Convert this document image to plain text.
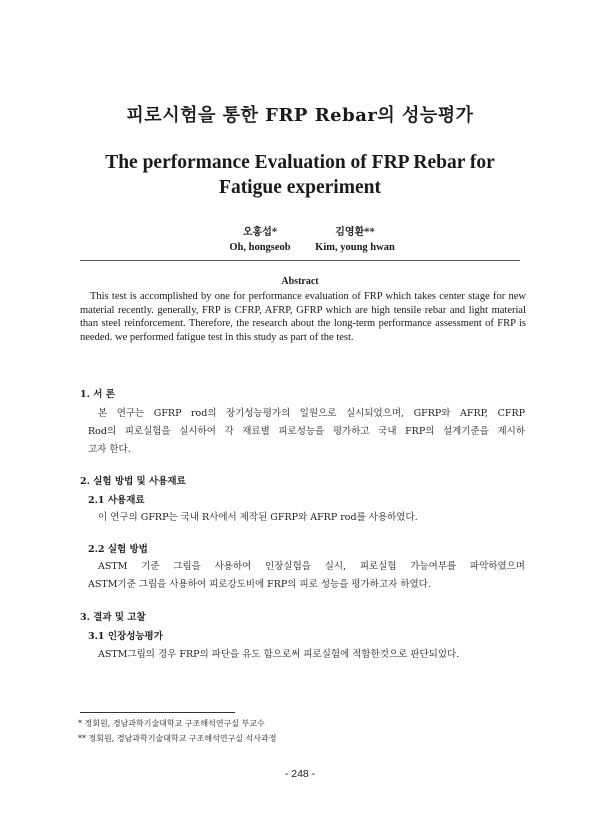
피로시험을 통한 FRP Rebar의 성능평가
The performance Evaluation of FRP Rebar for
Fatigue experiment
오홍섭*
Oh, hongseob
김영환**
Kim, young hwan
Abstract
This test is accomplished by one for performance evaluation of FRP which takes center stage for new material recently. generally, FRP is CFRP, AFRP, GFRP which are high tensile rebar and light material than steel reinforcement. Therefore, the research about the long-term performance assessment of FRP is needed. we performed fatigue test in this study as part of the test.
1. 서 론
본 연구는 GFRP rod의 장기성능평가의 일원으로 실시되었으며, GFRP와 AFRP, CFRP
Rod의 피로실험을 실시하여 각 재료별 피로성능을 평가하고 국내 FRP의 설계기준을 제시하
고자 한다.
2. 실험 방법 및 사용재료
2.1 사용재료
이 연구의 GFRP는 국내 R사에서 제작된 GFRP와 AFRP rod를 사용하였다.
2.2 실험 방법
ASTM 기준 그립을 사용하여 인장실험을 실시, 피로실험 가능여부를 파악하였으며
ASTM기준 그립을 사용하여 피로강도비에 FRP의 피로 성능을 평가하고자 하였다.
3. 결과 및 고찰
3.1 인장성능평가
ASTM그립의 경우 FRP의 파단을 유도 함으로써 피로실험에 적합한것으로 판단되었다.
* 정회원, 경남과학기술대학교 구조해석연구실 부교수
** 정회원, 경남과학기술대학교 구조해석연구실 석사과정
- 248 -
